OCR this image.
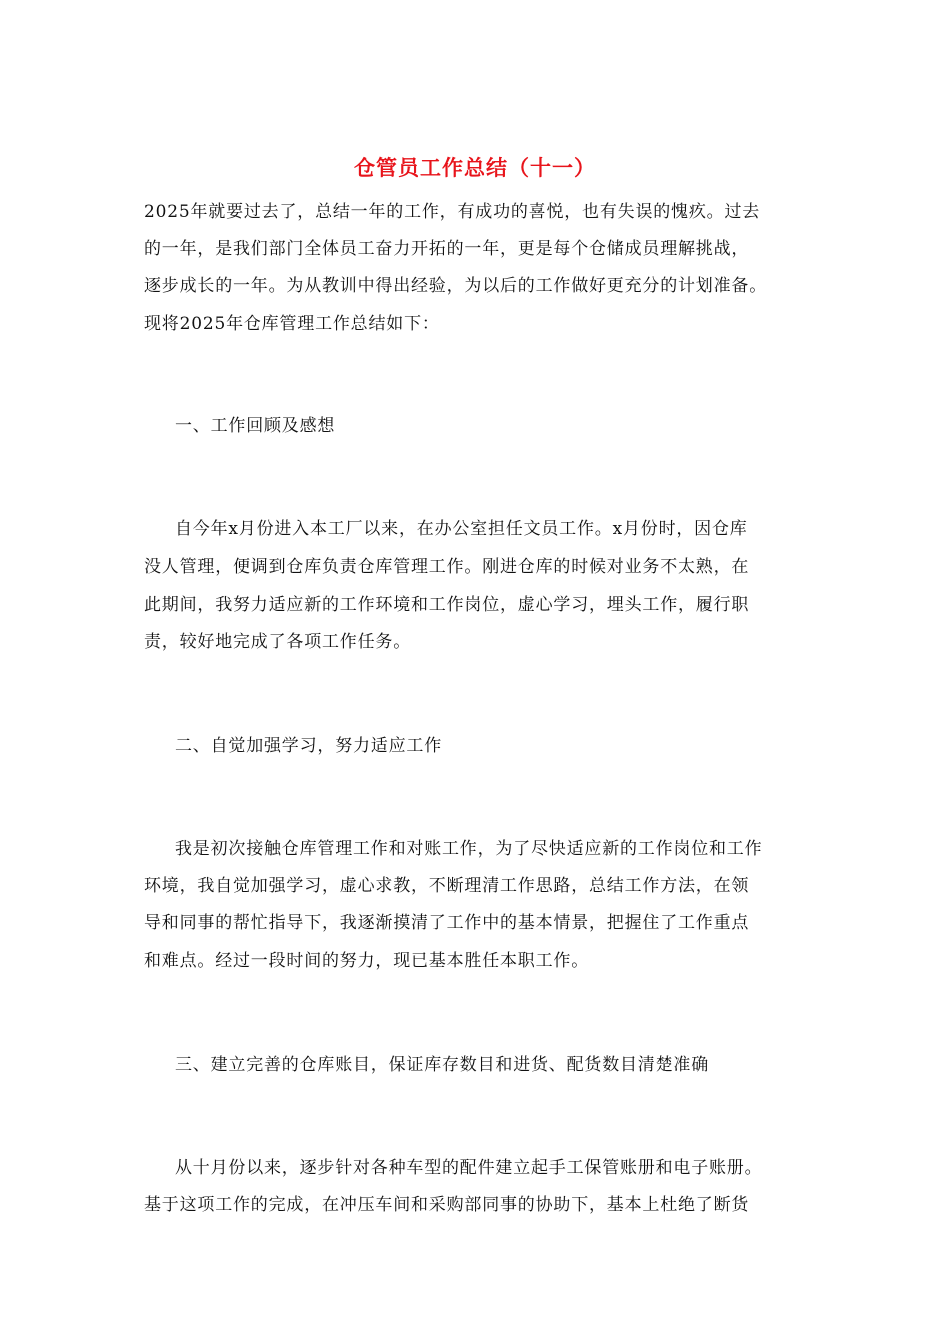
仓管员工作总结（十一）
2025年就要过去了，总结一年的工作，有成功的喜悦，也有失误的愧疚。过去
的一年，是我们部门全体员工奋力开拓的一年，更是每个仓储成员理解挑战，
逐步成长的一年。为从教训中得出经验，为以后的工作做好更充分的计划准备。
现将2025年仓库管理工作总结如下：
一、工作回顾及感想
自今年x月份进入本工厂以来，在办公室担任文员工作。x月份时，因仓库
没人管理，便调到仓库负责仓库管理工作。刚进仓库的时候对业务不太熟，在
此期间，我努力适应新的工作环境和工作岗位，虚心学习，埋头工作，履行职
责，较好地完成了各项工作任务。
二、自觉加强学习，努力适应工作
我是初次接触仓库管理工作和对账工作，为了尽快适应新的工作岗位和工作
环境，我自觉加强学习，虚心求教，不断理清工作思路，总结工作方法，在领
导和同事的帮忙指导下，我逐渐摸清了工作中的基本情景，把握住了工作重点
和难点。经过一段时间的努力，现已基本胜任本职工作。
三、建立完善的仓库账目，保证库存数目和进货、配货数目清楚准确
从十月份以来，逐步针对各种车型的配件建立起手工保管账册和电子账册。
基于这项工作的完成，在冲压车间和采购部同事的协助下，基本上杜绝了断货
